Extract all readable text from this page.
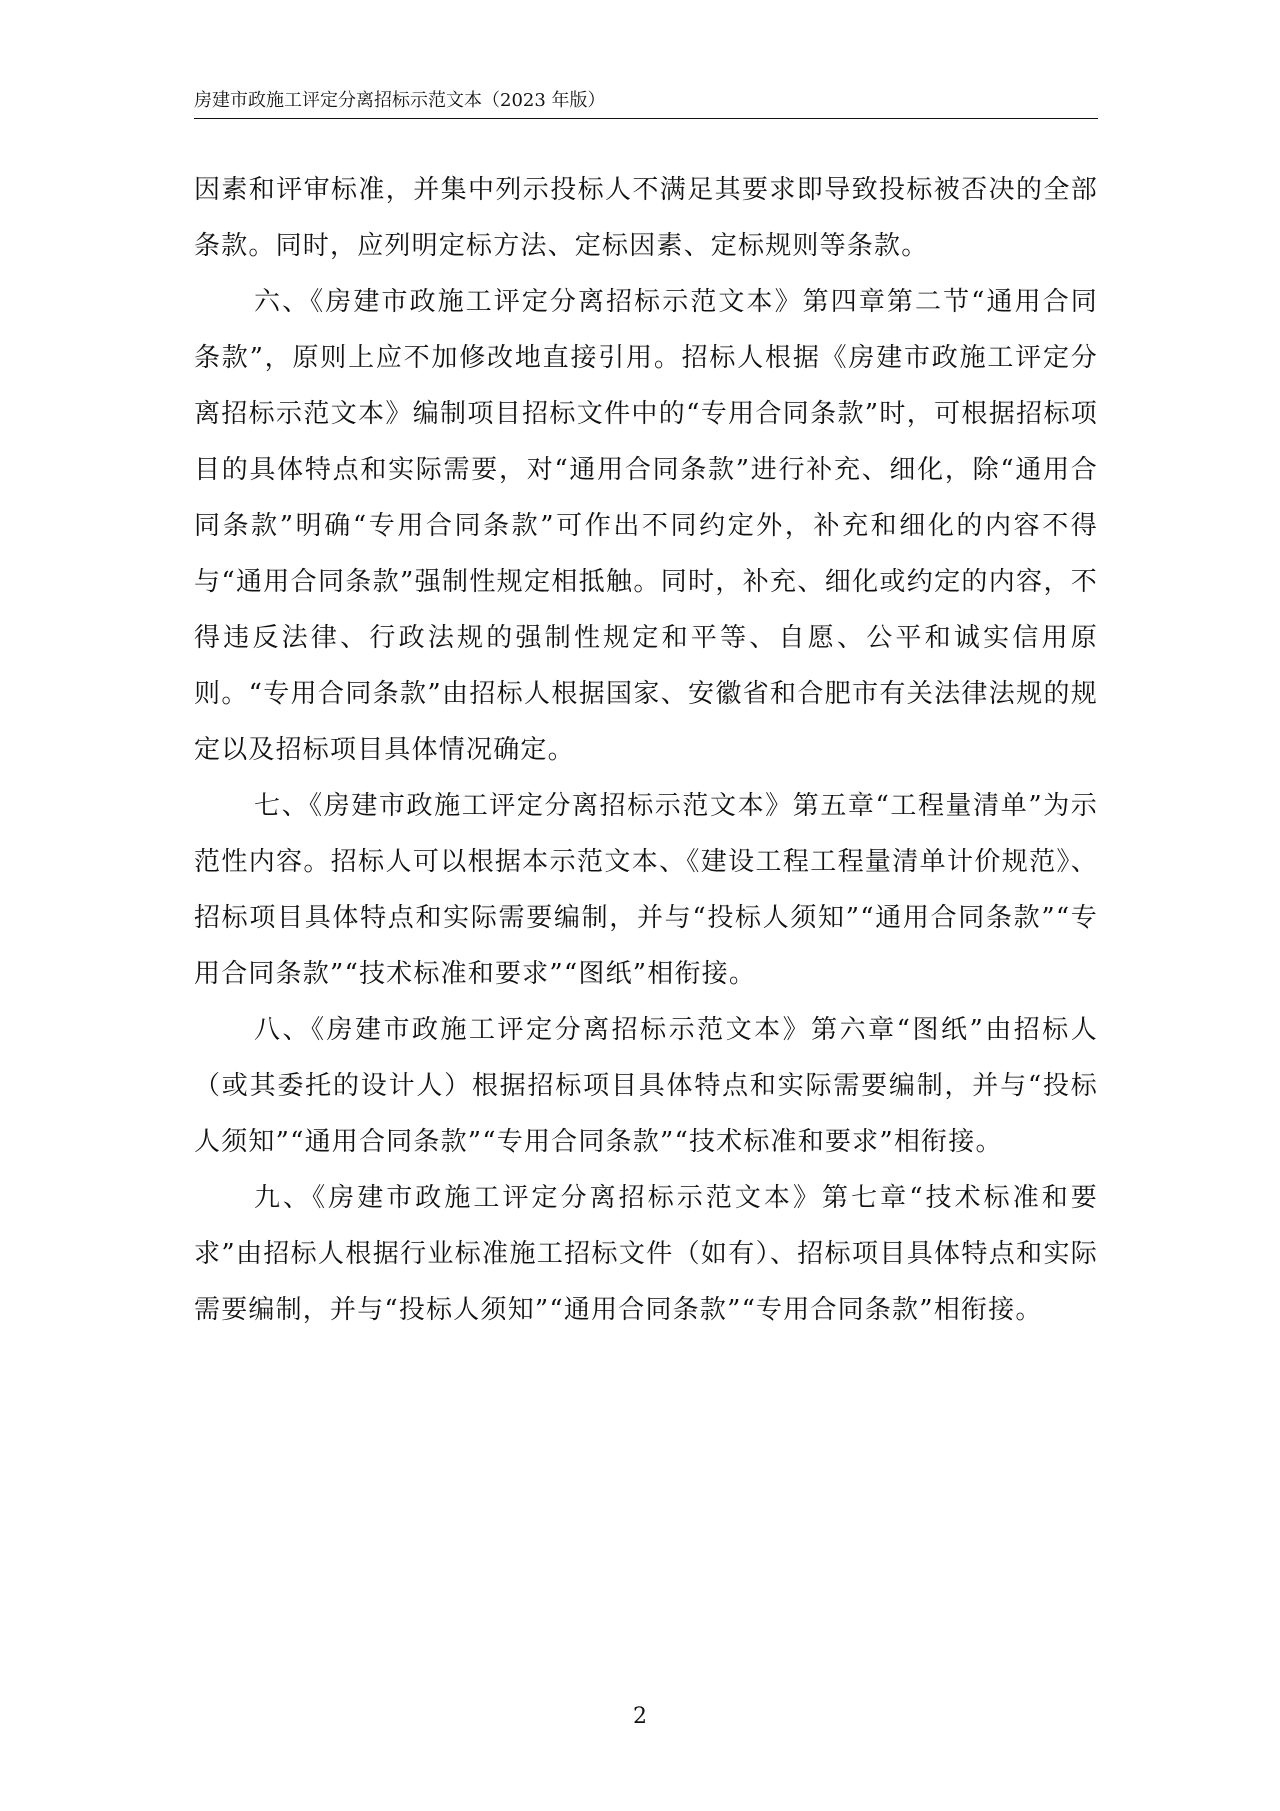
房建市政施工评定分离招标示范文本（2023 年版）

因素和评审标准，并集中列示投标人不满足其要求即导致投标被否决的全部条款。同时，应列明定标方法、定标因素、定标规则等条款。

六、《房建市政施工评定分离招标示范文本》第四章第二节“通用合同条款”，原则上应不加修改地直接引用。招标人根据《房建市政施工评定分离招标示范文本》编制项目招标文件中的“专用合同条款”时，可根据招标项目的具体特点和实际需要，对“通用合同条款”进行补充、细化，除“通用合同条款”明确“专用合同条款”可作出不同约定外，补充和细化的内容不得与“通用合同条款”强制性规定相抵触。同时，补充、细化或约定的内容，不得违反法律、行政法规的强制性规定和平等、自愿、公平和诚实信用原则。“专用合同条款”由招标人根据国家、安徽省和合肥市有关法律法规的规定以及招标项目具体情况确定。

七、《房建市政施工评定分离招标示范文本》第五章“工程量清单”为示范性内容。招标人可以根据本示范文本、《建设工程工程量清单计价规范》、招标项目具体特点和实际需要编制，并与“投标人须知”“通用合同条款”“专用合同条款”“技术标准和要求”“图纸”相衔接。

八、《房建市政施工评定分离招标示范文本》第六章“图纸”由招标人（或其委托的设计人）根据招标项目具体特点和实际需要编制，并与“投标人须知”“通用合同条款”“专用合同条款”“技术标准和要求”相衔接。

九、《房建市政施工评定分离招标示范文本》第七章“技术标准和要求”由招标人根据行业标准施工招标文件（如有）、招标项目具体特点和实际需要编制，并与“投标人须知”“通用合同条款”“专用合同条款”相衔接。

2
